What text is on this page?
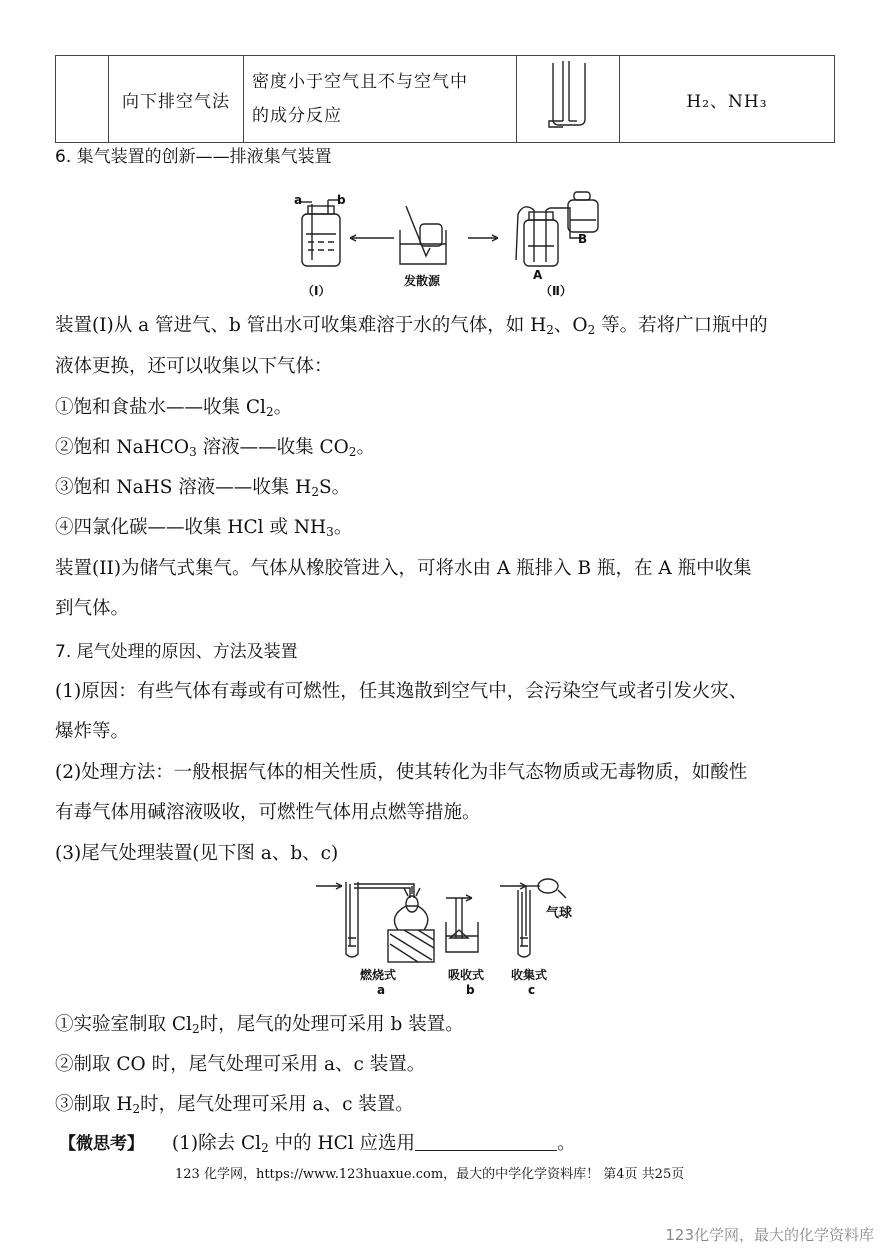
	向下排空气法	密度小于空气且不与空气中
的成分反应		H₂、NH₃
6. 集气装置的创新——排液集气装置
a	b
发散源
（Ⅰ）	（Ⅱ）
A
B
装置(I)从 a 管进气、b 管出水可收集难溶于水的气体，如 $H_2$、$O_2$ 等。若将广口瓶中的
液体更换，还可以收集以下气体：
①饱和食盐水——收集 $Cl_2$。
②饱和 NaHCO$_3$ 溶液——收集 $CO_2$。
③饱和 NaHS 溶液——收集 $H_2S$。
④四氯化碳——收集 HCl 或 $NH_3$。
装置(II)为储气式集气。气体从橡胶管进入，可将水由 A 瓶排入 B 瓶，在 A 瓶中收集
到气体。
7. 尾气处理的原因、方法及装置
(1)原因：有些气体有毒或有可燃性，任其逸散到空气中，会污染空气或者引发火灾、
爆炸等。
(2)处理方法：一般根据气体的相关性质，使其转化为非气态物质或无毒物质，如酸性
有毒气体用碱溶液吸收，可燃性气体用点燃等措施。
(3)尾气处理装置(见下图 a、b、c)
燃烧式	吸收式 收集式
a	b	c
气球
①实验室制取 $Cl_2$时，尾气的处理可采用 b 装置。
②制取 CO 时，尾气处理可采用 a、c 装置。
③制取 $H_2$时，尾气处理可采用 a、c 装置。
【微思考】 (1)除去 $Cl_2$ 中的 HCl 应选用	。
123 化学网，https://www.123huaxue.com，最大的中学化学资料库！ 第4页 共25页
123化学网，最大的化学资料库
